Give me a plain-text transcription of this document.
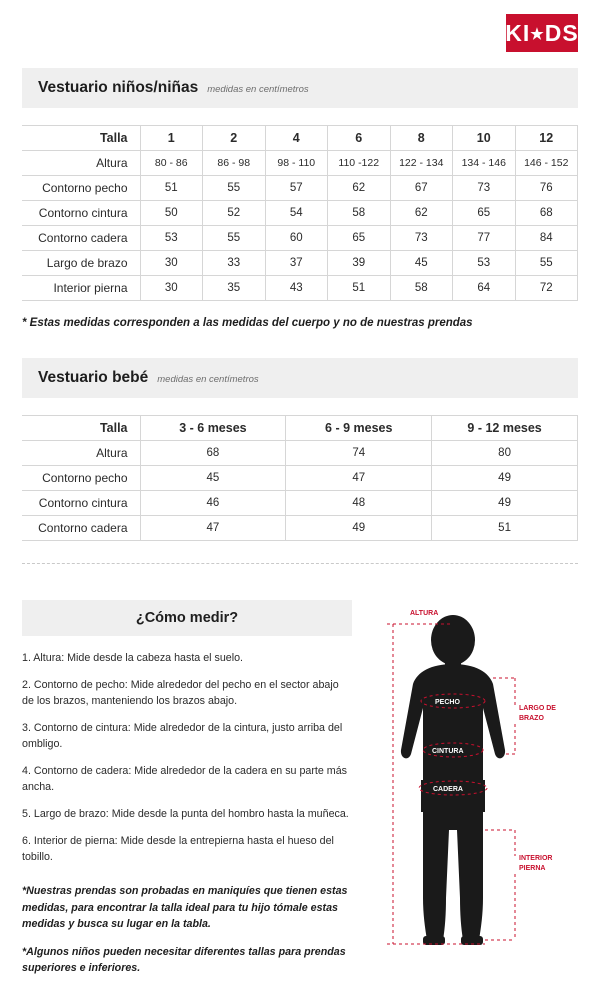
KI★DS
Vestuario niños/niñas medidas en centímetros
Talla	1	2	4	6	8	10	12
Altura	80 - 86	86 - 98	98 - 110	110 -122	122 - 134	134 - 146	146 - 152
Contorno pecho	51	55	57	62	67	73	76
Contorno cintura	50	52	54	58	62	65	68
Contorno cadera	53	55	60	65	73	77	84
Largo de brazo	30	33	37	39	45	53	55
Interior pierna	30	35	43	51	58	64	72
* Estas medidas corresponden a las medidas del cuerpo y no de nuestras prendas
Vestuario bebé medidas en centímetros
Talla	3 - 6 meses	6 - 9 meses	9 - 12 meses
Altura	68	74	80
Contorno pecho	45	47	49
Contorno cintura	46	48	49
Contorno cadera	47	49	51
¿Cómo medir?
1. Altura: Mide desde la cabeza hasta el suelo.
2. Contorno de pecho: Mide alrededor del pecho en el sector abajo de los brazos, manteniendo los brazos abajo.
3. Contorno de cintura: Mide alrededor de la cintura, justo arriba del ombligo.
4. Contorno de cadera: Mide alrededor de la cadera en su parte más ancha.
5. Largo de brazo: Mide desde la punta del hombro hasta la muñeca.
6. Interior de pierna: Mide desde la entrepierna hasta el hueso del tobillo.

*Nuestras prendas son probadas en maniquíes que tienen estas medidas, para encontrar la talla ideal para tu hijo tómale estas medidas y busca su lugar en la tabla.

*Algunos niños pueden necesitar diferentes tallas para prendas superiores e inferiores.

ALTURA
PECHO
CINTURA
CADERA
LARGO DE
BRAZO
INTERIOR
PIERNA
